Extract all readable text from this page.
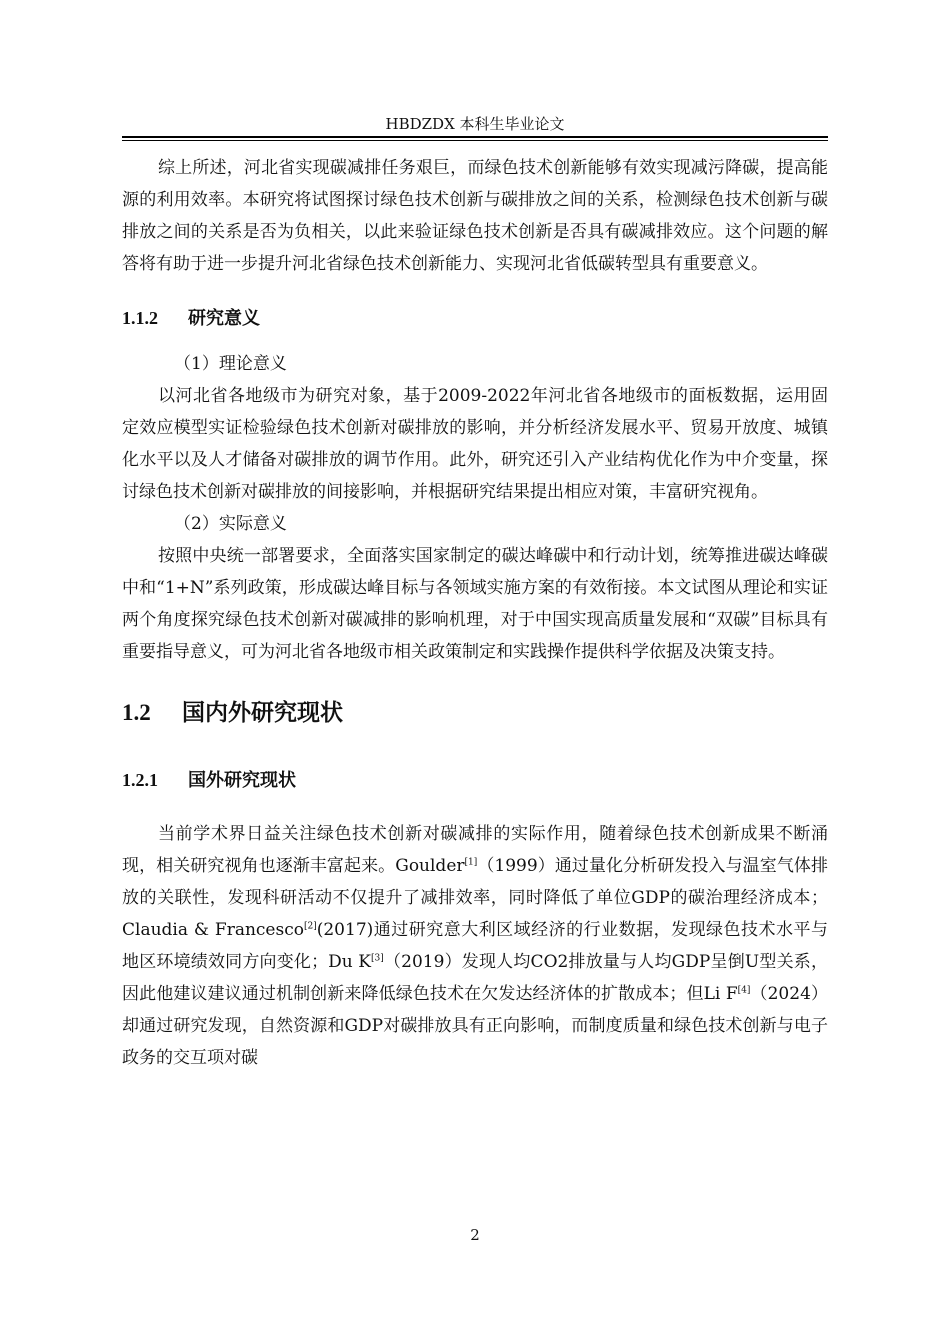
HBDZDX 本科生毕业论文

综上所述，河北省实现碳减排任务艰巨，而绿色技术创新能够有效实现减污降碳，提高能源的利用效率。本研究将试图探讨绿色技术创新与碳排放之间的关系，检测绿色技术创新与碳排放之间的关系是否为负相关，以此来验证绿色技术创新是否具有碳减排效应。这个问题的解答将有助于进一步提升河北省绿色技术创新能力、实现河北省低碳转型具有重要意义。

1.1.2 研究意义

（1）理论意义

以河北省各地级市为研究对象，基于2009-2022年河北省各地级市的面板数据，运用固定效应模型实证检验绿色技术创新对碳排放的影响，并分析经济发展水平、贸易开放度、城镇化水平以及人才储备对碳排放的调节作用。此外，研究还引入产业结构优化作为中介变量，探讨绿色技术创新对碳排放的间接影响，并根据研究结果提出相应对策，丰富研究视角。

（2）实际意义

按照中央统一部署要求，全面落实国家制定的碳达峰碳中和行动计划，统筹推进碳达峰碳中和“1+N”系列政策，形成碳达峰目标与各领域实施方案的有效衔接。本文试图从理论和实证两个角度探究绿色技术创新对碳减排的影响机理，对于中国实现高质量发展和“双碳”目标具有重要指导意义，可为河北省各地级市相关政策制定和实践操作提供科学依据及决策支持。

1.2 国内外研究现状
1.2.1 国外研究现状

当前学术界日益关注绿色技术创新对碳减排的实际作用，随着绿色技术创新成果不断涌现，相关研究视角也逐渐丰富起来。Goulder[1]（1999）通过量化分析研发投入与温室气体排放的关联性，发现科研活动不仅提升了减排效率，同时降低了单位GDP的碳治理经济成本；Claudia & Francesco[2](2017)通过研究意大利区域经济的行业数据，发现绿色技术水平与地区环境绩效同方向变化；Du K[3]（2019）发现人均CO2排放量与人均GDP呈倒U型关系，因此他建议建议通过机制创新来降低绿色技术在欠发达经济体的扩散成本；但Li F[4]（2024）却通过研究发现，自然资源和GDP对碳排放具有正向影响，而制度质量和绿色技术创新与电子政务的交互项对碳

2
